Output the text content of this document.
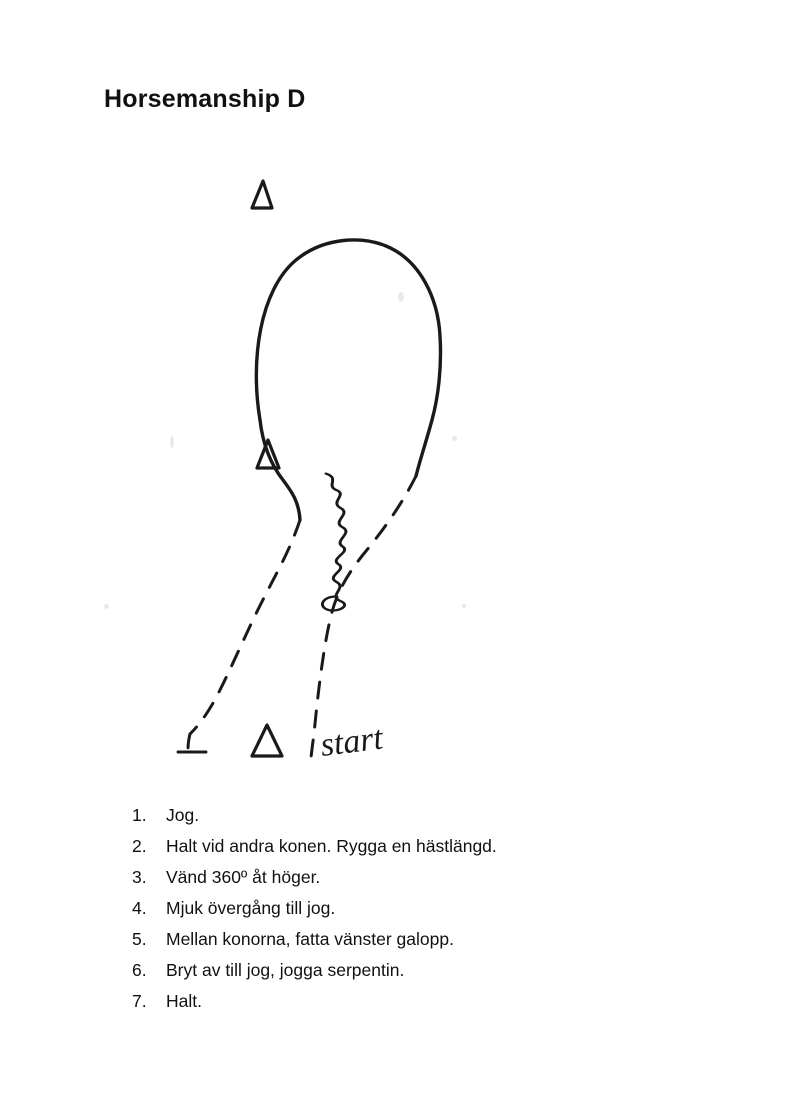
Horsemanship D
start
1.	Jog.
2.	Halt vid andra konen. Rygga en hästlängd.
3.	Vänd 360º åt höger.
4.	Mjuk övergång till jog.
5.	Mellan konorna, fatta vänster galopp.
6.	Bryt av till jog, jogga serpentin.
7.	Halt.
